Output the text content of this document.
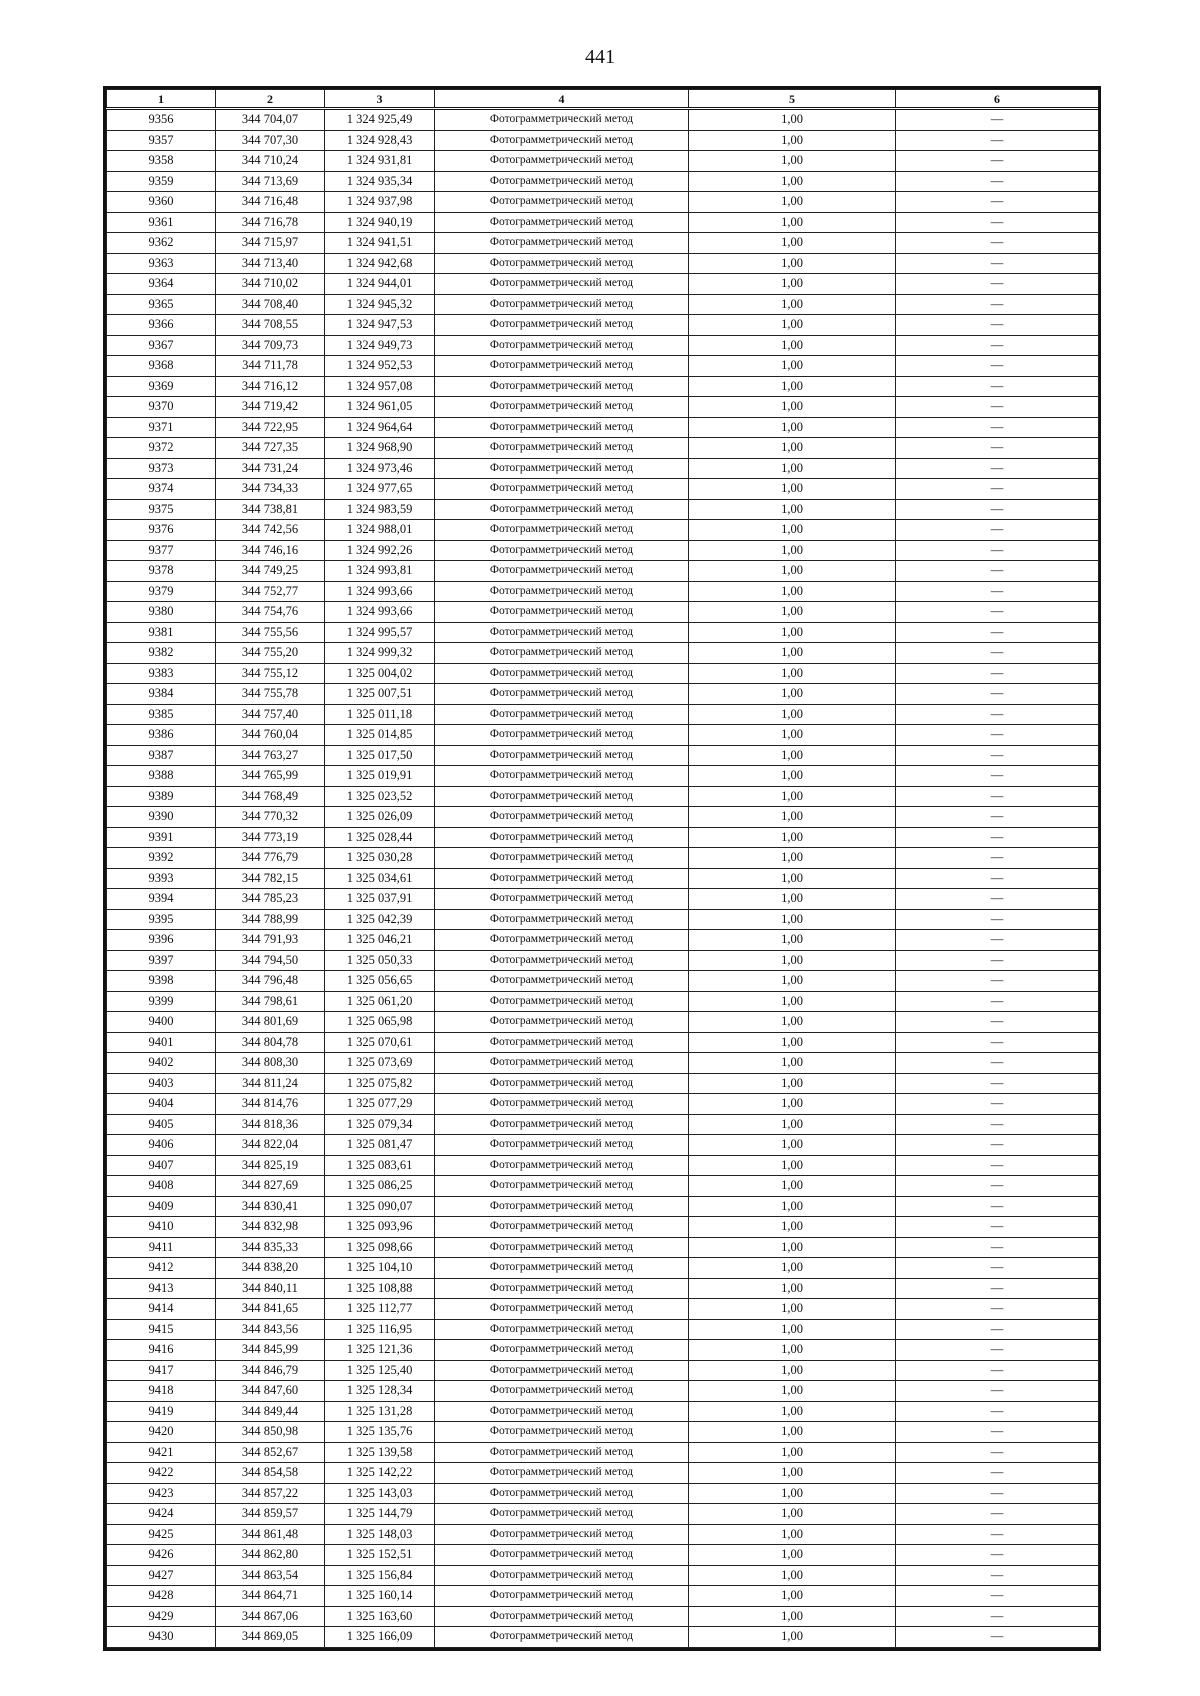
441
1	2	3	4	5	6
9356	344 704,07	1 324 925,49	Фотограмметрический метод	1,00	—
9357	344 707,30	1 324 928,43	Фотограмметрический метод	1,00	—
9358	344 710,24	1 324 931,81	Фотограмметрический метод	1,00	—
9359	344 713,69	1 324 935,34	Фотограмметрический метод	1,00	—
9360	344 716,48	1 324 937,98	Фотограмметрический метод	1,00	—
9361	344 716,78	1 324 940,19	Фотограмметрический метод	1,00	—
9362	344 715,97	1 324 941,51	Фотограмметрический метод	1,00	—
9363	344 713,40	1 324 942,68	Фотограмметрический метод	1,00	—
9364	344 710,02	1 324 944,01	Фотограмметрический метод	1,00	—
9365	344 708,40	1 324 945,32	Фотограмметрический метод	1,00	—
9366	344 708,55	1 324 947,53	Фотограмметрический метод	1,00	—
9367	344 709,73	1 324 949,73	Фотограмметрический метод	1,00	—
9368	344 711,78	1 324 952,53	Фотограмметрический метод	1,00	—
9369	344 716,12	1 324 957,08	Фотограмметрический метод	1,00	—
9370	344 719,42	1 324 961,05	Фотограмметрический метод	1,00	—
9371	344 722,95	1 324 964,64	Фотограмметрический метод	1,00	—
9372	344 727,35	1 324 968,90	Фотограмметрический метод	1,00	—
9373	344 731,24	1 324 973,46	Фотограмметрический метод	1,00	—
9374	344 734,33	1 324 977,65	Фотограмметрический метод	1,00	—
9375	344 738,81	1 324 983,59	Фотограмметрический метод	1,00	—
9376	344 742,56	1 324 988,01	Фотограмметрический метод	1,00	—
9377	344 746,16	1 324 992,26	Фотограмметрический метод	1,00	—
9378	344 749,25	1 324 993,81	Фотограмметрический метод	1,00	—
9379	344 752,77	1 324 993,66	Фотограмметрический метод	1,00	—
9380	344 754,76	1 324 993,66	Фотограмметрический метод	1,00	—
9381	344 755,56	1 324 995,57	Фотограмметрический метод	1,00	—
9382	344 755,20	1 324 999,32	Фотограмметрический метод	1,00	—
9383	344 755,12	1 325 004,02	Фотограмметрический метод	1,00	—
9384	344 755,78	1 325 007,51	Фотограмметрический метод	1,00	—
9385	344 757,40	1 325 011,18	Фотограмметрический метод	1,00	—
9386	344 760,04	1 325 014,85	Фотограмметрический метод	1,00	—
9387	344 763,27	1 325 017,50	Фотограмметрический метод	1,00	—
9388	344 765,99	1 325 019,91	Фотограмметрический метод	1,00	—
9389	344 768,49	1 325 023,52	Фотограмметрический метод	1,00	—
9390	344 770,32	1 325 026,09	Фотограмметрический метод	1,00	—
9391	344 773,19	1 325 028,44	Фотограмметрический метод	1,00	—
9392	344 776,79	1 325 030,28	Фотограмметрический метод	1,00	—
9393	344 782,15	1 325 034,61	Фотограмметрический метод	1,00	—
9394	344 785,23	1 325 037,91	Фотограмметрический метод	1,00	—
9395	344 788,99	1 325 042,39	Фотограмметрический метод	1,00	—
9396	344 791,93	1 325 046,21	Фотограмметрический метод	1,00	—
9397	344 794,50	1 325 050,33	Фотограмметрический метод	1,00	—
9398	344 796,48	1 325 056,65	Фотограмметрический метод	1,00	—
9399	344 798,61	1 325 061,20	Фотограмметрический метод	1,00	—
9400	344 801,69	1 325 065,98	Фотограмметрический метод	1,00	—
9401	344 804,78	1 325 070,61	Фотограмметрический метод	1,00	—
9402	344 808,30	1 325 073,69	Фотограмметрический метод	1,00	—
9403	344 811,24	1 325 075,82	Фотограмметрический метод	1,00	—
9404	344 814,76	1 325 077,29	Фотограмметрический метод	1,00	—
9405	344 818,36	1 325 079,34	Фотограмметрический метод	1,00	—
9406	344 822,04	1 325 081,47	Фотограмметрический метод	1,00	—
9407	344 825,19	1 325 083,61	Фотограмметрический метод	1,00	—
9408	344 827,69	1 325 086,25	Фотограмметрический метод	1,00	—
9409	344 830,41	1 325 090,07	Фотограмметрический метод	1,00	—
9410	344 832,98	1 325 093,96	Фотограмметрический метод	1,00	—
9411	344 835,33	1 325 098,66	Фотограмметрический метод	1,00	—
9412	344 838,20	1 325 104,10	Фотограмметрический метод	1,00	—
9413	344 840,11	1 325 108,88	Фотограмметрический метод	1,00	—
9414	344 841,65	1 325 112,77	Фотограмметрический метод	1,00	—
9415	344 843,56	1 325 116,95	Фотограмметрический метод	1,00	—
9416	344 845,99	1 325 121,36	Фотограмметрический метод	1,00	—
9417	344 846,79	1 325 125,40	Фотограмметрический метод	1,00	—
9418	344 847,60	1 325 128,34	Фотограмметрический метод	1,00	—
9419	344 849,44	1 325 131,28	Фотограмметрический метод	1,00	—
9420	344 850,98	1 325 135,76	Фотограмметрический метод	1,00	—
9421	344 852,67	1 325 139,58	Фотограмметрический метод	1,00	—
9422	344 854,58	1 325 142,22	Фотограмметрический метод	1,00	—
9423	344 857,22	1 325 143,03	Фотограмметрический метод	1,00	—
9424	344 859,57	1 325 144,79	Фотограмметрический метод	1,00	—
9425	344 861,48	1 325 148,03	Фотограмметрический метод	1,00	—
9426	344 862,80	1 325 152,51	Фотограмметрический метод	1,00	—
9427	344 863,54	1 325 156,84	Фотограмметрический метод	1,00	—
9428	344 864,71	1 325 160,14	Фотограмметрический метод	1,00	—
9429	344 867,06	1 325 163,60	Фотограмметрический метод	1,00	—
9430	344 869,05	1 325 166,09	Фотограмметрический метод	1,00	—
